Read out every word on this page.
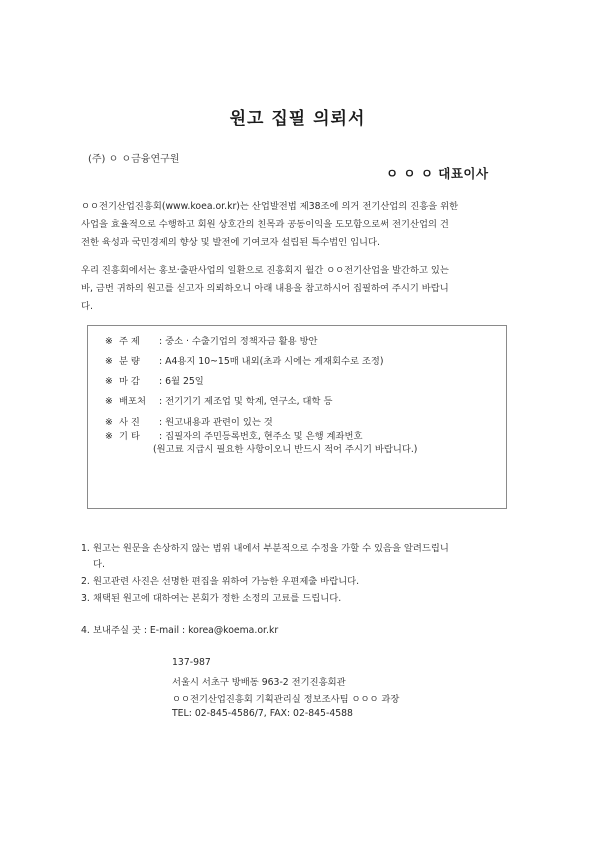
원고 집필 의뢰서
(주) ㅇ ㅇ금융연구원
ㅇ ㅇ ㅇ 대표이사

ㅇㅇ전기산업진흥회(www.koea.or.kr)는 산업발전법 제38조에 의거 전기산업의 진흥을 위한
사업을 효율적으로 수행하고 회원 상호간의 친목과 공동이익을 도모함으로써 전기산업의 건
전한 육성과 국민경제의 향상 및 발전에 기여코자 설립된 특수법인 입니다.

우리 진흥회에서는 홍보·출판사업의 일환으로 진흥회지 월간 ㅇㅇ전기산업을 발간하고 있는
바, 금번 귀하의 원고를 싣고자 의뢰하오니 아래 내용을 참고하시어 집필하여 주시기 바랍니
다.

※ 주 제 : 중소 · 수출기업의 정책자금 활용 방안
※ 분 량 : A4용지 10~15매 내외(초과 시에는 게재회수로 조정)
※ 마 감 : 6월 25일
※ 배포처 : 전기기기 제조업 및 학계, 연구소, 대학 등
※ 사 진 : 원고내용과 관련이 있는 것
※ 기 타 : 집필자의 주민등록번호, 현주소 및 은행 계좌번호
(원고료 지급시 필요한 사항이오니 반드시 적어 주시기 바랍니다.)
1. 원고는 원문을 손상하지 않는 범위 내에서 부분적으로 수정을 가할 수 있음을 알려드립니
다.
2. 원고관련 사진은 선명한 편집을 위하여 가능한 우편제출 바랍니다.
3. 채택된 원고에 대하여는 본회가 정한 소정의 고료를 드립니다.
4. 보내주실 곳 : E-mail : korea@koema.or.kr
137-987
서울시 서초구 방배동 963-2 전기진흥회관
ㅇㅇ전기산업진흥회 기획관리실 정보조사팀 ㅇㅇㅇ 과장
TEL: 02-845-4586/7, FAX: 02-845-4588
